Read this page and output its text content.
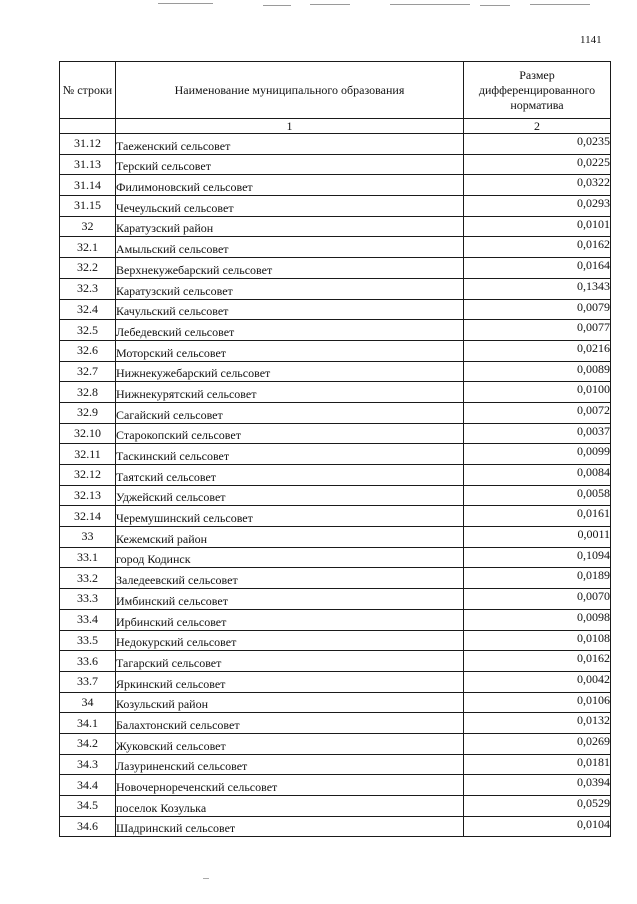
1141
№ строки	Наименование муниципального образования	Размер дифференцированного норматива
	1	2
31.12	Таеженский сельсовет	0,0235
31.13	Терский сельсовет	0,0225
31.14	Филимоновский сельсовет	0,0322
31.15	Чечеульский сельсовет	0,0293
32	Каратузский район	0,0101
32.1	Амыльский сельсовет	0,0162
32.2	Верхнекужебарский сельсовет	0,0164
32.3	Каратузский сельсовет	0,1343
32.4	Качульский сельсовет	0,0079
32.5	Лебедевский сельсовет	0,0077
32.6	Моторский сельсовет	0,0216
32.7	Нижнекужебарский сельсовет	0,0089
32.8	Нижнекурятский сельсовет	0,0100
32.9	Сагайский сельсовет	0,0072
32.10	Старокопский сельсовет	0,0037
32.11	Таскинский сельсовет	0,0099
32.12	Таятский сельсовет	0,0084
32.13	Уджейский сельсовет	0,0058
32.14	Черемушинский сельсовет	0,0161
33	Кежемский район	0,0011
33.1	город Кодинск	0,1094
33.2	Заледеевский сельсовет	0,0189
33.3	Имбинский сельсовет	0,0070
33.4	Ирбинский сельсовет	0,0098
33.5	Недокурский сельсовет	0,0108
33.6	Тагарский сельсовет	0,0162
33.7	Яркинский сельсовет	0,0042
34	Козульский район	0,0106
34.1	Балахтонский сельсовет	0,0132
34.2	Жуковский сельсовет	0,0269
34.3	Лазуриненский сельсовет	0,0181
34.4	Новочернореченский сельсовет	0,0394
34.5	поселок Козулька	0,0529
34.6	Шадринский сельсовет	0,0104
